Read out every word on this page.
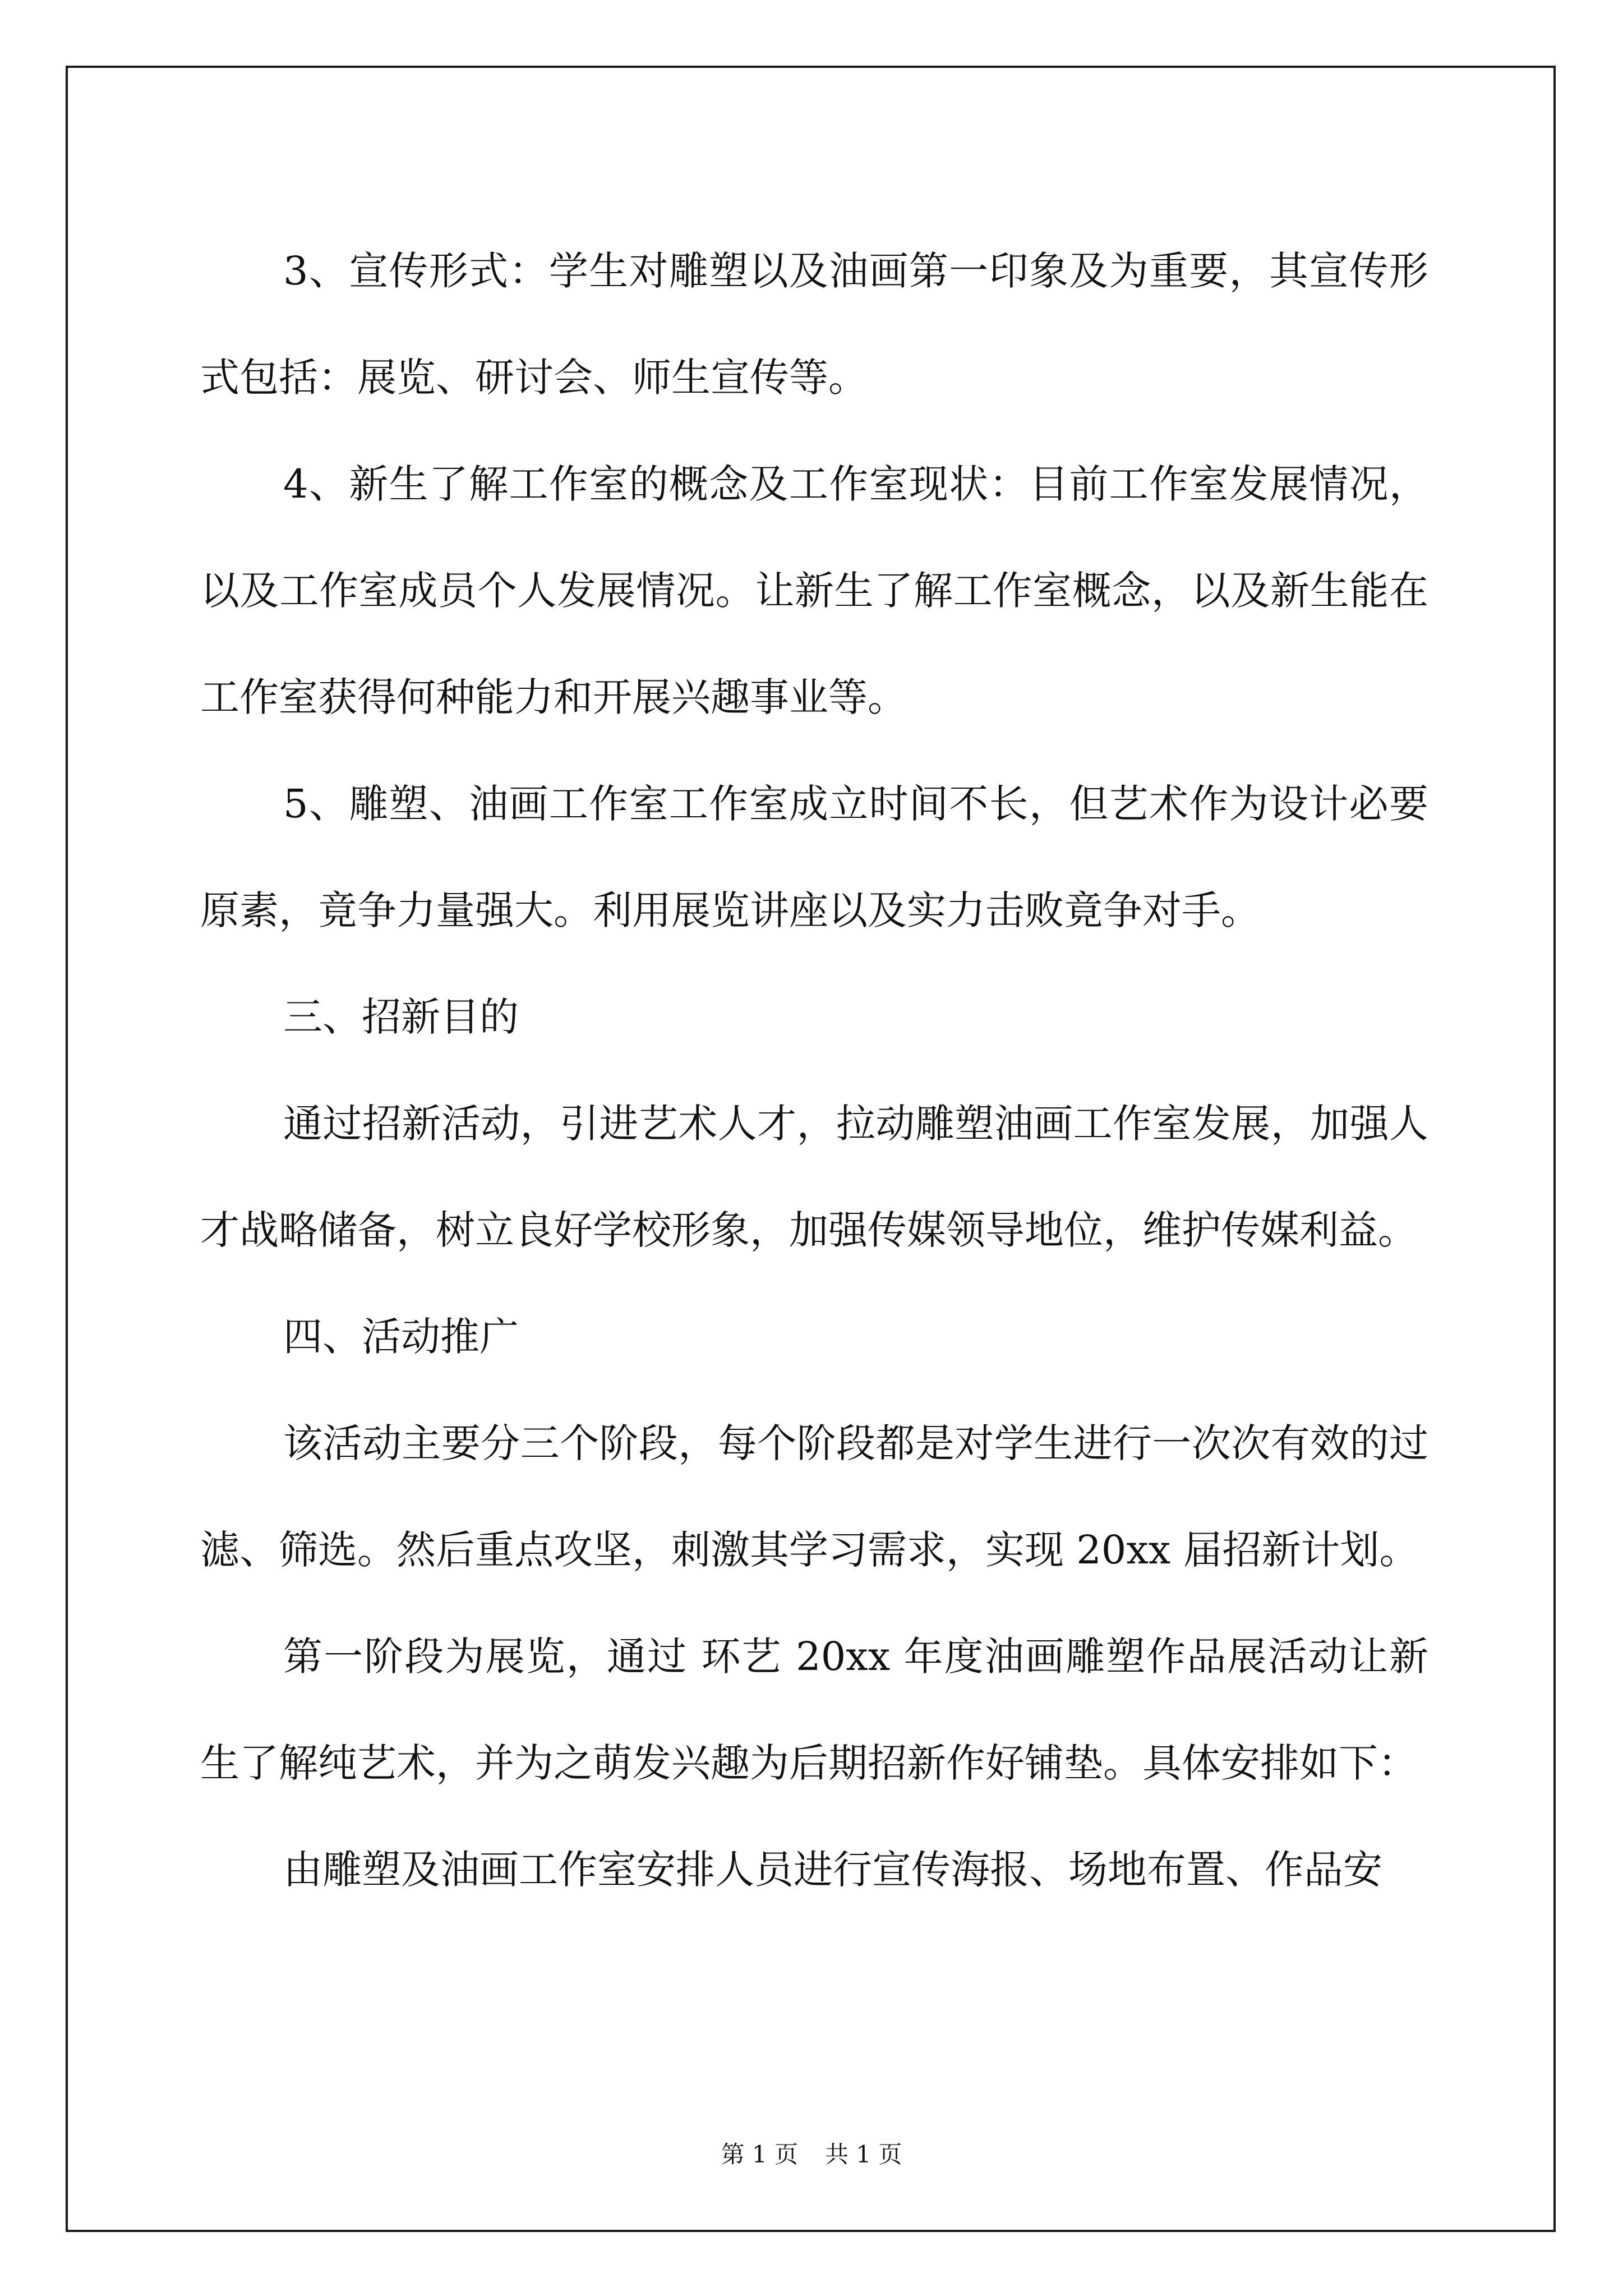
3、宣传形式：学生对雕塑以及油画第一印象及为重要，其宣传形式包括：展览、研讨会、师生宣传等。

4、新生了解工作室的概念及工作室现状：目前工作室发展情况，以及工作室成员个人发展情况。让新生了解工作室概念，以及新生能在工作室获得何种能力和开展兴趣事业等。

5、雕塑、油画工作室工作室成立时间不长，但艺术作为设计必要原素，竟争力量强大。利用展览讲座以及实力击败竟争对手。

三、招新目的

通过招新活动，引进艺术人才，拉动雕塑油画工作室发展，加强人才战略储备，树立良好学校形象，加强传媒领导地位，维护传媒利益。

四、活动推广

该活动主要分三个阶段，每个阶段都是对学生进行一次次有效的过滤、筛选。然后重点攻坚，刺激其学习需求，实现 20xx 届招新计划。

第一阶段为展览，通过 环艺 20xx 年度油画雕塑作品展活动让新生了解纯艺术，并为之萌发兴趣为后期招新作好铺垫。具体安排如下：

由雕塑及油画工作室安排人员进行宣传海报、场地布置、作品安

第 1 页 共 1 页
